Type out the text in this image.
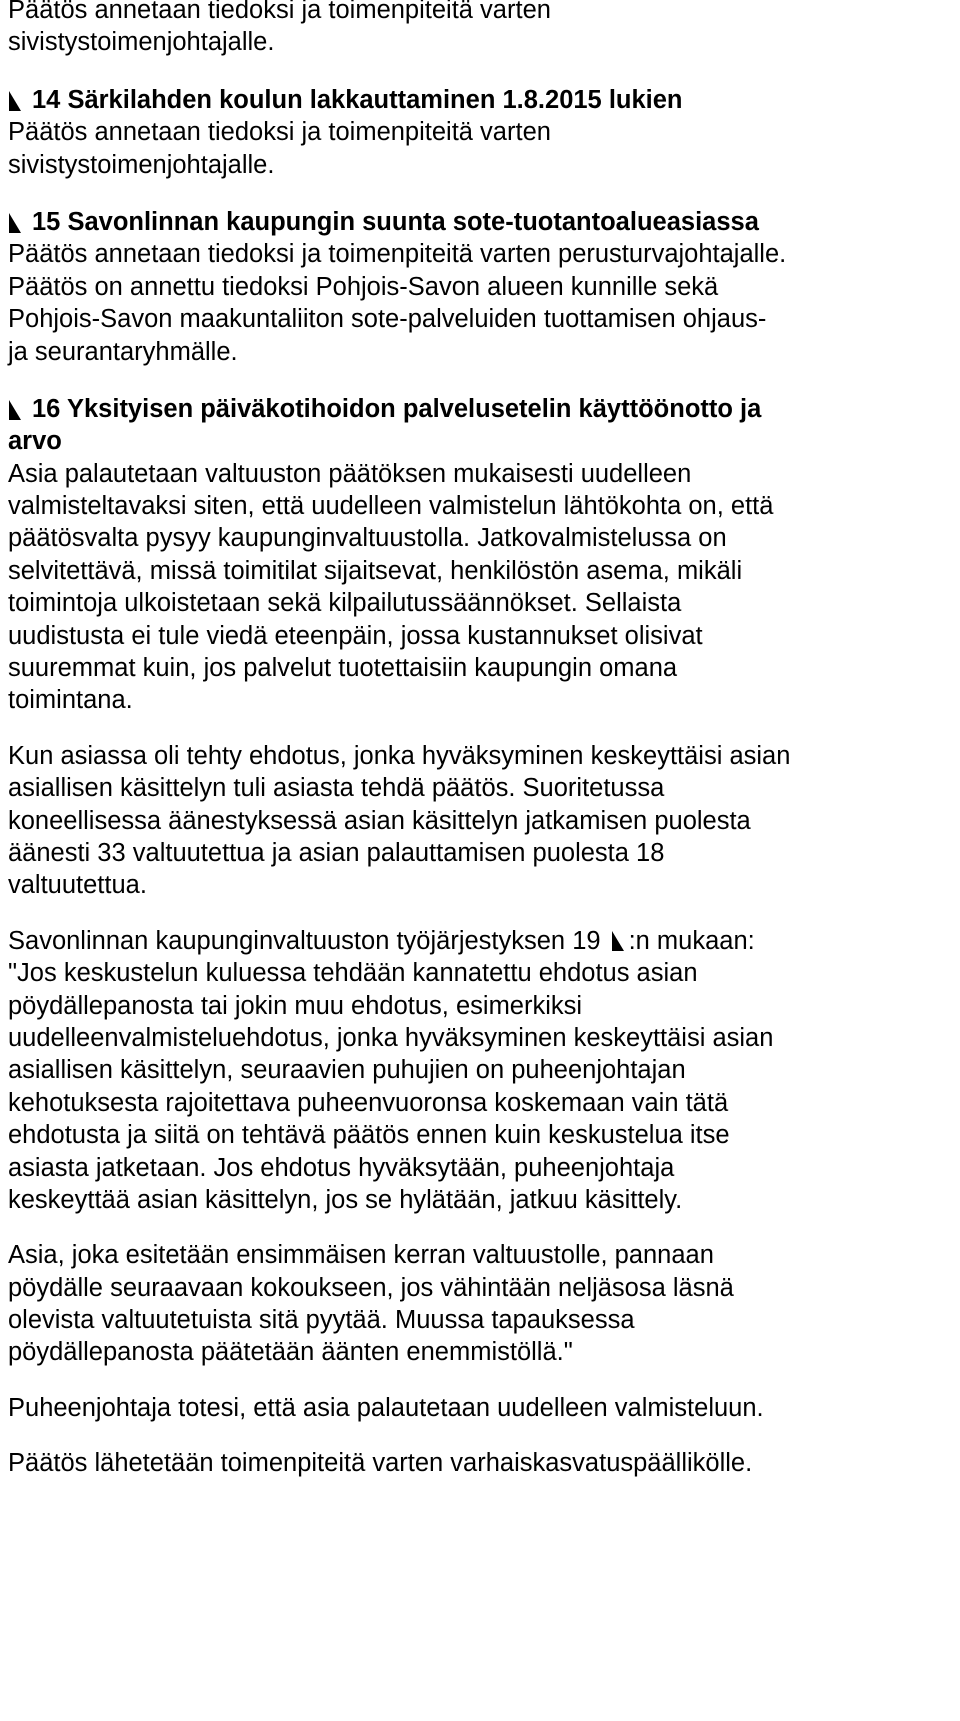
Päätös annetaan tiedoksi ja toimenpiteitä varten
sivistystoimenjohtajalle.
14 Särkilahden koulun lakkauttaminen 1.8.2015 lukien
Päätös annetaan tiedoksi ja toimenpiteitä varten
sivistystoimenjohtajalle.
15 Savonlinnan kaupungin suunta sote-tuotantoalueasiassa
Päätös annetaan tiedoksi ja toimenpiteitä varten perusturvajohtajalle.
Päätös on annettu tiedoksi Pohjois-Savon alueen kunnille sekä
Pohjois-Savon maakuntaliiton sote-palveluiden tuottamisen ohjaus-
ja seurantaryhmälle.
16 Yksityisen päiväkotihoidon palvelusetelin käyttöönotto ja
arvo
Asia palautetaan valtuuston päätöksen mukaisesti uudelleen
valmisteltavaksi siten, että uudelleen valmistelun lähtökohta on, että
päätösvalta pysyy kaupunginvaltuustolla. Jatkovalmistelussa on
selvitettävä, missä toimitilat sijaitsevat, henkilöstön asema, mikäli
toimintoja ulkoistetaan sekä kilpailutussäännökset. Sellaista
uudistusta ei tule viedä eteenpäin, jossa kustannukset olisivat
suuremmat kuin, jos palvelut tuotettaisiin kaupungin omana
toimintana.
Kun asiassa oli tehty ehdotus, jonka hyväksyminen keskeyttäisi asian
asiallisen käsittelyn tuli asiasta tehdä päätös. Suoritetussa
koneellisessa äänestyksessä asian käsittelyn jatkamisen puolesta
äänesti 33 valtuutettua ja asian palauttamisen puolesta 18
valtuutettua.
Savonlinnan kaupunginvaltuuston työjärjestyksen 19 :n mukaan:
"Jos keskustelun kuluessa tehdään kannatettu ehdotus asian
pöydällepanosta tai jokin muu ehdotus, esimerkiksi
uudelleenvalmisteluehdotus, jonka hyväksyminen keskeyttäisi asian
asiallisen käsittelyn, seuraavien puhujien on puheenjohtajan
kehotuksesta rajoitettava puheenvuoronsa koskemaan vain tätä
ehdotusta ja siitä on tehtävä päätös ennen kuin keskustelua itse
asiasta jatketaan. Jos ehdotus hyväksytään, puheenjohtaja
keskeyttää asian käsittelyn, jos se hylätään, jatkuu käsittely.
Asia, joka esitetään ensimmäisen kerran valtuustolle, pannaan
pöydälle seuraavaan kokoukseen, jos vähintään neljäsosa läsnä
olevista valtuutetuista sitä pyytää. Muussa tapauksessa
pöydällepanosta päätetään äänten enemmistöllä."
Puheenjohtaja totesi, että asia palautetaan uudelleen valmisteluun.
Päätös lähetetään toimenpiteitä varten varhaiskasvatuspäällikölle.
